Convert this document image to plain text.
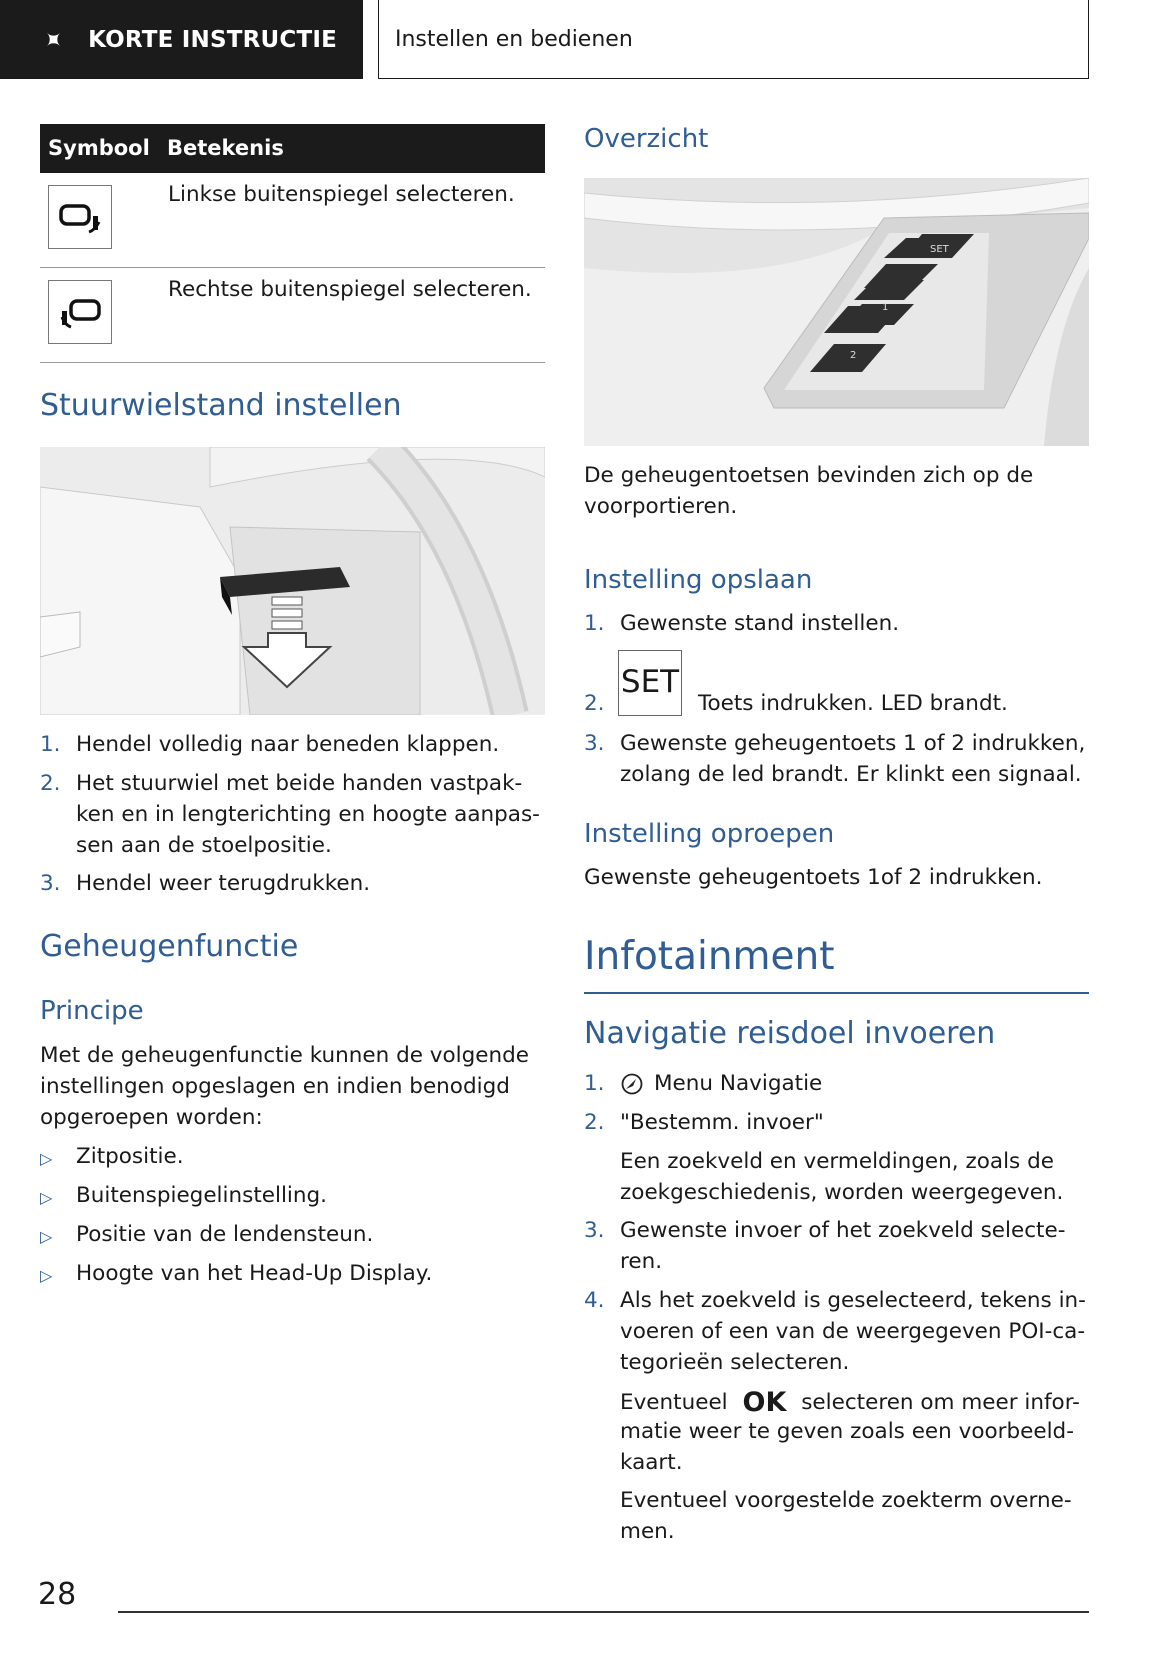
✦ KORTE INSTRUCTIE	Instellen en bedienen
Symbool Betekenis
Linkse buitenspiegel selecteren.
Rechtse buitenspiegel selecteren.
Stuurwielstand instellen
1. Hendel volledig naar beneden klappen.
2. Het stuurwiel met beide handen vastpak-
ken en in lengterichting en hoogte aanpas-
sen aan de stoelpositie.
3. Hendel weer terugdrukken.
Geheugenfunctie
Principe
Met de geheugenfunctie kunnen de volgende
instellingen opgeslagen en indien benodigd
opgeroepen worden:
▷ Zitpositie.
▷ Buitenspiegelinstelling.
▷ Positie van de lendensteun.
▷ Hoogte van het Head-Up Display.
Overzicht
SET
1
2
De geheugentoetsen bevinden zich op de
voorportieren.
Instelling opslaan
1. Gewenste stand instellen.
2.
SET
Toets indrukken. LED brandt.
3. Gewenste geheugentoets 1 of 2 indrukken,
zolang de led brandt. Er klinkt een signaal.
Instelling oproepen

Gewenste geheugentoets 1of 2 indrukken.

Infotainment
Navigatie reisdoel invoeren
1. Menu Navigatie
2. "Bestemm. invoer"
Een zoekveld en vermeldingen, zoals de
zoekgeschiedenis, worden weergegeven.
3. Gewenste invoer of het zoekveld selecte-
ren.
4. Als het zoekveld is geselecteerd, tekens in-
voeren of een van de weergegeven POI-ca-
tegorieën selecteren.
Eventueel OK selecteren om meer infor-
matie weer te geven zoals een voorbeeld-
kaart.
Eventueel voorgestelde zoekterm overne-
men.
28
